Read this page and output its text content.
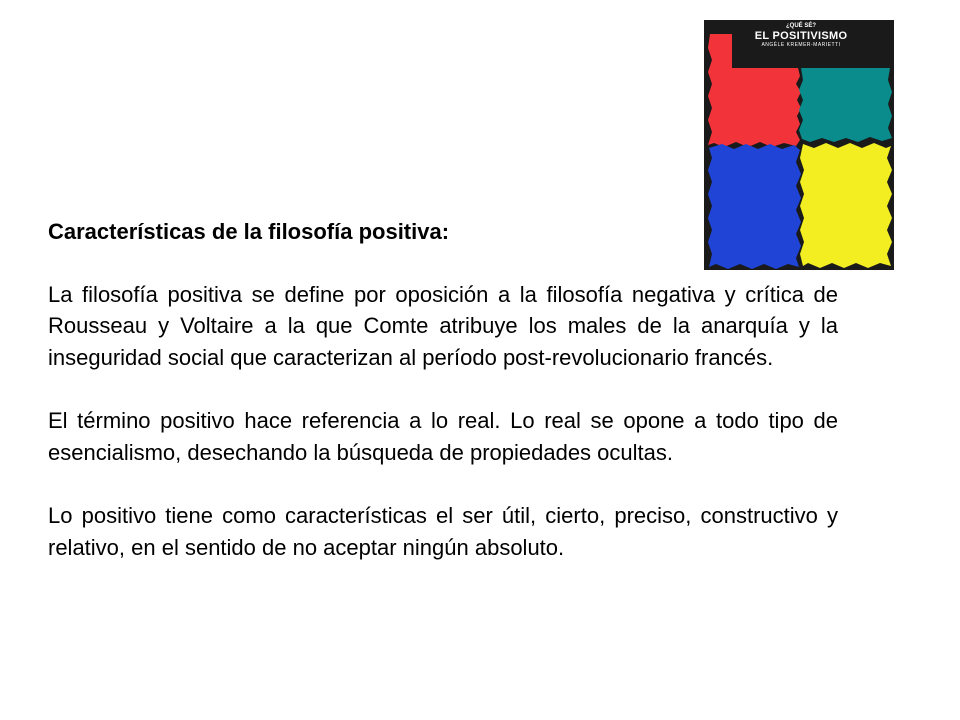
¿QUÉ SÉ?
EL POSITIVISMO
ANGÈLE KREMER-MARIETTI

Características de la filosofía positiva:

La filosofía positiva se define por oposición a la filosofía negativa y crítica de Rousseau y Voltaire a la que Comte atribuye los males de la anarquía y la inseguridad social que caracterizan al período post-revolucionario francés.

El término positivo hace referencia a lo real. Lo real se opone a todo tipo de esencialismo, desechando la búsqueda de propiedades ocultas.

Lo positivo tiene como características el ser útil, cierto, preciso, constructivo y relativo, en el sentido de no aceptar ningún absoluto.
